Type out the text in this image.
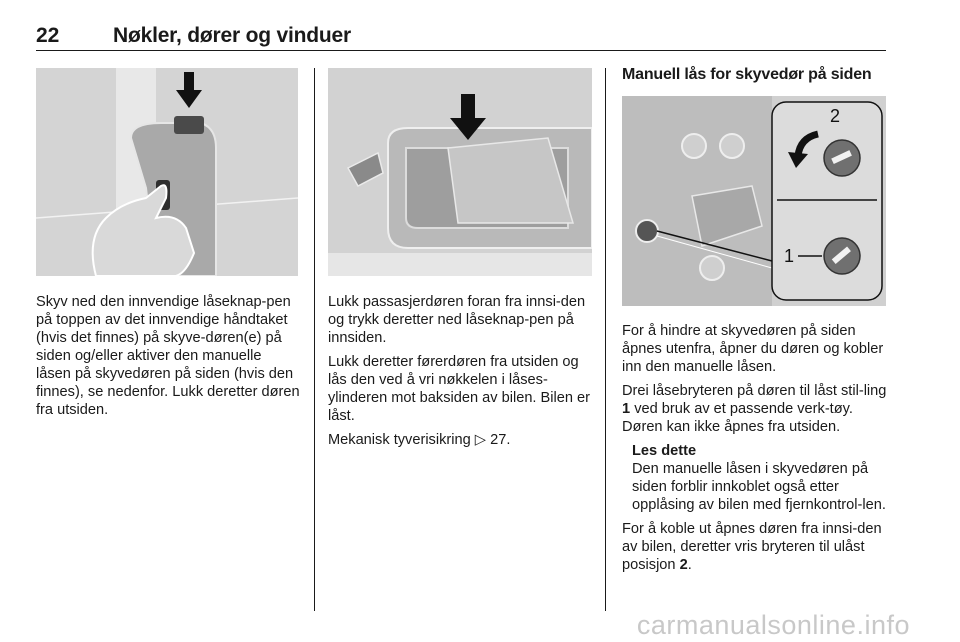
22	Nøkler, dører og vinduer
2
1

Skyv ned den innvendige låseknap-pen på toppen av det innvendige håndtaket (hvis det finnes) på skyve-døren(e) på siden og/eller aktiver den manuelle låsen på skyvedøren på siden (hvis den finnes), se nedenfor. Lukk deretter døren fra utsiden.

Lukk passasjerdøren foran fra innsi-den og trykk deretter ned låseknap-pen på innsiden.

Lukk deretter førerdøren fra utsiden og lås den ved å vri nøkkelen i låses-ylinderen mot baksiden av bilen. Bilen er låst.

Mekanisk tyverisikring ▷ 27.

Manuell lås for skyvedør på siden

For å hindre at skyvedøren på siden åpnes utenfra, åpner du døren og kobler inn den manuelle låsen.

Drei låsebryteren på døren til låst stil-ling 1 ved bruk av et passende verk-tøy. Døren kan ikke åpnes fra utsiden.

Les dette
Den manuelle låsen i skyvedøren på siden forblir innkoblet også etter opplåsing av bilen med fjernkontrol-len.

For å koble ut åpnes døren fra innsi-den av bilen, deretter vris bryteren til ulåst posisjon 2.

carmanualsonline.info
